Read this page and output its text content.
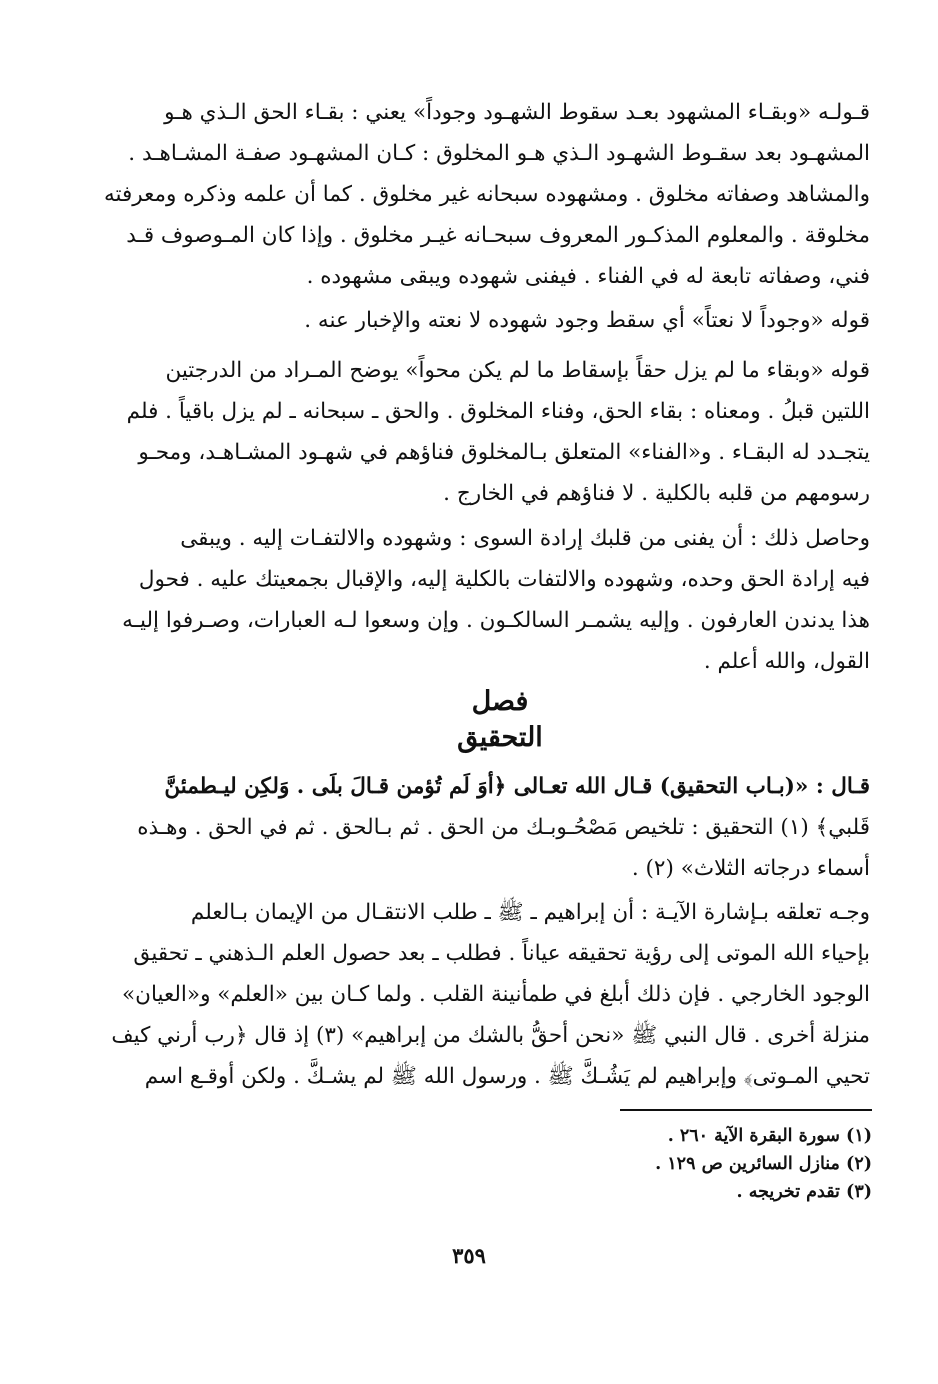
قـولـه «وبقـاء المشهود بعـد سقوط الشهـود وجوداً» يعني : بقـاء الحق الـذي هـو
المشهـود بعد سقـوط الشهـود الـذي هـو المخلوق : كـان المشهـود صفـة المشـاهـد .
والمشاهد وصفاته مخلوق . ومشهوده سبحانه غير مخلوق . كما أن علمه وذكره ومعرفته
مخلوقة . والمعلوم المذكـور المعروف سبحـانه غيـر مخلوق . وإذا كان المـوصوف قـد
فني، وصفاته تابعة له في الفناء . فيفنى شهوده ويبقى مشهوده .
قوله «وجوداً لا نعتاً» أي سقط وجود شهوده لا نعته والإخبار عنه .
قوله «وبقاء ما لم يزل حقاً بإسقاط ما لم يكن محواً» يوضح المـراد من الدرجتين
اللتين قبلُ . ومعناه : بقاء الحق، وفناء المخلوق . والحق ـ سبحانه ـ لم يزل باقياً . فلم
يتجـدد له البقـاء . و«الفناء» المتعلق بـالمخلوق فناؤهم في شهـود المشـاهـد، ومحـو
رسومهم من قلبه بالكلية . لا فناؤهم في الخارج .
وحاصل ذلك : أن يفنى من قلبك إرادة السوى : وشهوده والالتفـات إليه . ويبقى
فيه إرادة الحق وحده، وشهوده والالتفات بالكلية إليه، والإقبال بجمعيتك عليه . فحول
هذا يدندن العارفون . وإليه يشمـر السالكـون . وإن وسعوا لـه العبارات، وصـرفوا إليـه
القول، والله أعلم .
فصل
التحقيق
قـال : «(بـاب التحقيق) قـال الله تعـالى ﴿أوَ لَم تُؤمن قـالَ بلَى . وَلكِن ليـطمئنَّ
قَلبي﴾ (١) التحقيق : تلخيص مَصْحُـوبـك من الحق . ثم بـالحق . ثم في الحق . وهـذه
أسماء درجاته الثلاث» (٢) .
وجـه تعلقه بـإشارة الآيـة : أن إبراهيم ـ ﷺ ـ طلب الانتقـال من الإيمان بـالعلم
بإحياء الله الموتى إلى رؤية تحقيقه عياناً . فطلب ـ بعد حصول العلم الـذهني ـ تحقيق
الوجود الخارجي . فإن ذلك أبلغ في طمأنينة القلب . ولما كـان بين «العلم» و«العيان»
منزلة أخرى . قال النبي ﷺ «نحن أحقُّ بالشك من إبراهيم» (٣) إذ قال ﴿رب أرني كيف
تحيي المـوتى﴾ وإبراهيم لم يَشُـكَّ ﷺ . ورسول الله ﷺ لم يشـكَّ . ولكن أوقـع اسم
(١) سورة البقرة الآية ٢٦٠ .
(٢) منازل السائرين ص ١٢٩ .
(٣) تقدم تخريجه .
٣٥٩
